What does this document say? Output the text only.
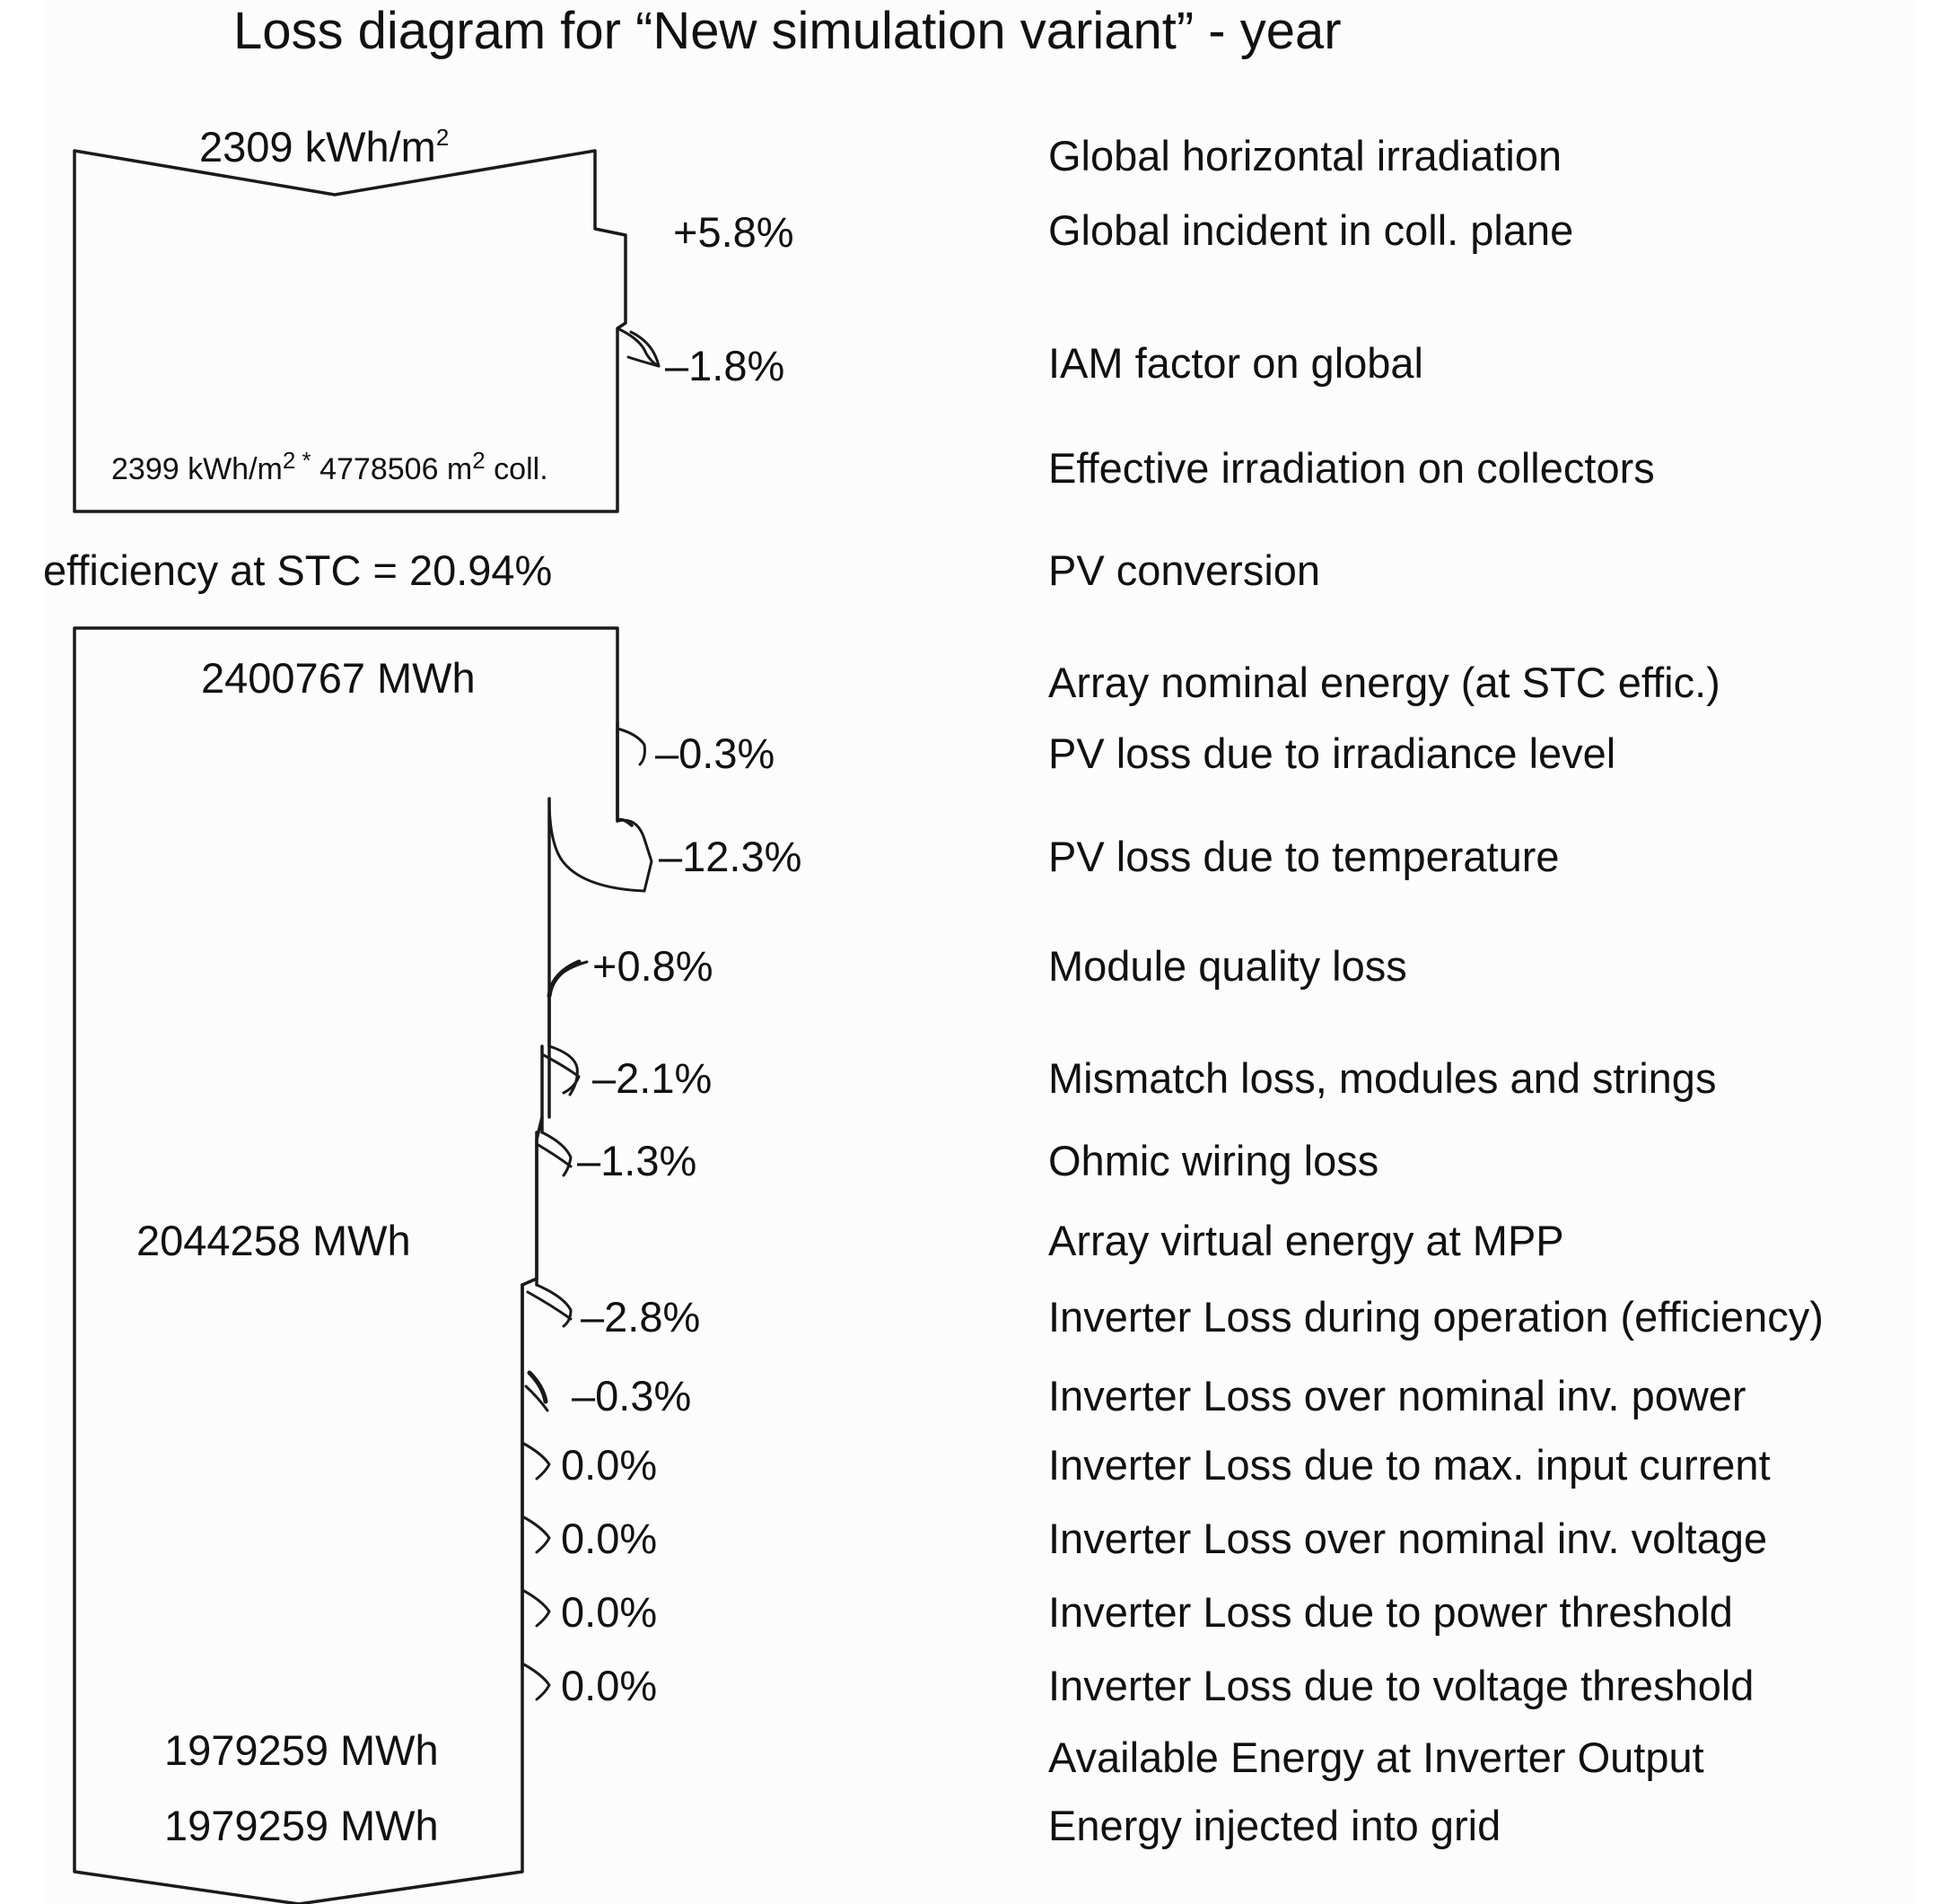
Loss diagram for “New simulation variant” - year
2309 kWh/$m^2$
+5.8%
–1.8%
2399 kWh/$m^{2 *}$ 4778506 $m^2$ coll.
efficiency at STC = 20.94%
2400767 MWh
2044258 MWh
1979259 MWh
1979259 MWh
–0.3%
–12.3%
+0.8%
–2.1%
–1.3%
–2.8%
–0.3%
0.0%
0.0%
0.0%
0.0%
Global horizontal irradiation
Global incident in coll. plane
IAM factor on global
Effective irradiation on collectors
PV conversion
Array nominal energy (at STC effic.)
PV loss due to irradiance level
PV loss due to temperature
Module quality loss
Mismatch loss, modules and strings
Ohmic wiring loss
Array virtual energy at MPP
Inverter Loss during operation (efficiency)
Inverter Loss over nominal inv. power
Inverter Loss due to max. input current
Inverter Loss over nominal inv. voltage
Inverter Loss due to power threshold
Inverter Loss due to voltage threshold
Available Energy at Inverter Output
Energy injected into grid
